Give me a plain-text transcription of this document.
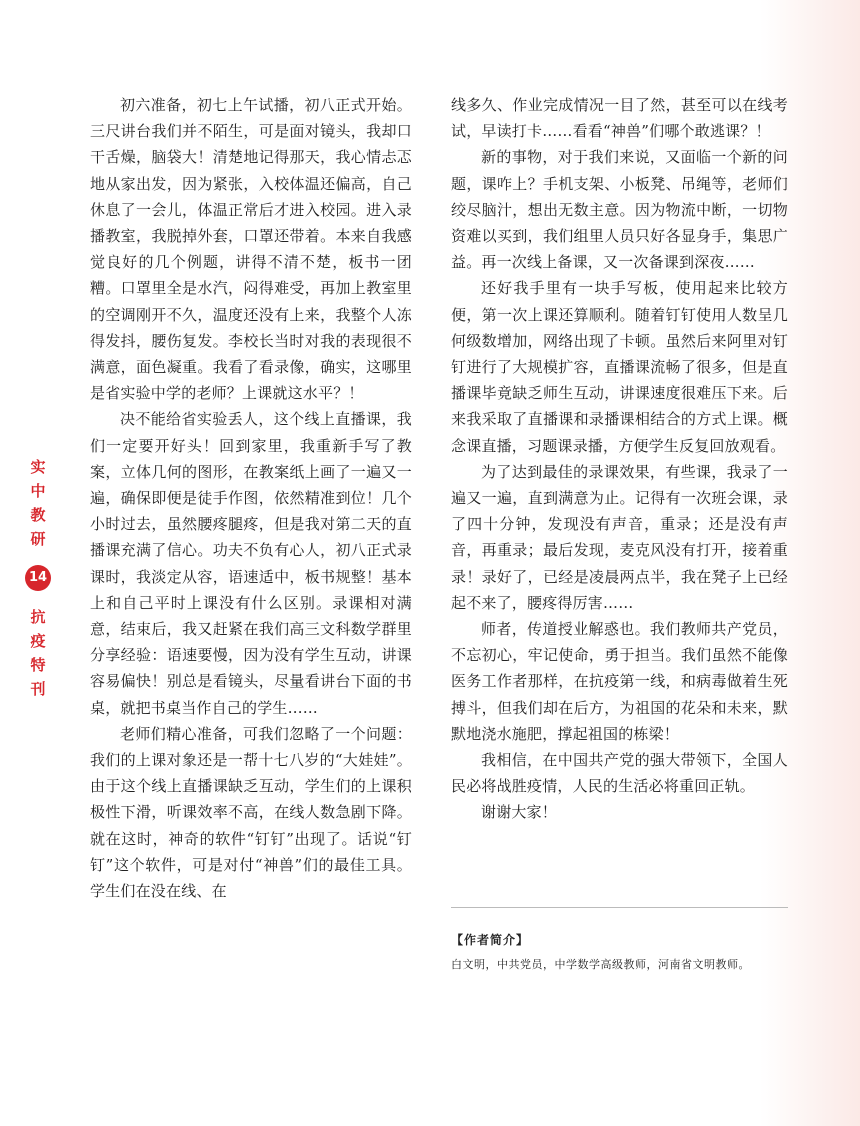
实
中
教
研
14
抗
疫
特
刊

初六准备，初七上午试播，初八正式开始。三尺讲台我们并不陌生，可是面对镜头，我却口干舌燥，脑袋大！清楚地记得那天，我心情忐忑地从家出发，因为紧张，入校体温还偏高，自己休息了一会儿，体温正常后才进入校园。进入录播教室，我脱掉外套，口罩还带着。本来自我感觉良好的几个例题，讲得不清不楚，板书一团糟。口罩里全是水汽，闷得难受，再加上教室里的空调刚开不久，温度还没有上来，我整个人冻得发抖，腰伤复发。李校长当时对我的表现很不满意，面色凝重。我看了看录像，确实，这哪里是省实验中学的老师？上课就这水平？！

决不能给省实验丢人，这个线上直播课，我们一定要开好头！回到家里，我重新手写了教案，立体几何的图形，在教案纸上画了一遍又一遍，确保即便是徒手作图，依然精准到位！几个小时过去，虽然腰疼腿疼，但是我对第二天的直播课充满了信心。功夫不负有心人，初八正式录课时，我淡定从容，语速适中，板书规整！基本上和自己平时上课没有什么区别。录课相对满意，结束后，我又赶紧在我们高三文科数学群里分享经验：语速要慢，因为没有学生互动，讲课容易偏快！别总是看镜头，尽量看讲台下面的书桌，就把书桌当作自己的学生……

老师们精心准备，可我们忽略了一个问题：我们的上课对象还是一帮十七八岁的“大娃娃”。由于这个线上直播课缺乏互动，学生们的上课积极性下滑，听课效率不高，在线人数急剧下降。就在这时，神奇的软件“钉钉”出现了。话说“钉钉”这个软件，可是对付“神兽”们的最佳工具。学生们在没在线、在

线多久、作业完成情况一目了然，甚至可以在线考试，早读打卡……看看“神兽”们哪个敢逃课？！

新的事物，对于我们来说，又面临一个新的问题，课咋上？手机支架、小板凳、吊绳等，老师们绞尽脑汁，想出无数主意。因为物流中断，一切物资难以买到，我们组里人员只好各显身手，集思广益。再一次线上备课，又一次备课到深夜……

还好我手里有一块手写板，使用起来比较方便，第一次上课还算顺利。随着钉钉使用人数呈几何级数增加，网络出现了卡顿。虽然后来阿里对钉钉进行了大规模扩容，直播课流畅了很多，但是直播课毕竟缺乏师生互动，讲课速度很难压下来。后来我采取了直播课和录播课相结合的方式上课。概念课直播，习题课录播，方便学生反复回放观看。

为了达到最佳的录课效果，有些课，我录了一遍又一遍，直到满意为止。记得有一次班会课，录了四十分钟，发现没有声音，重录；还是没有声音，再重录；最后发现，麦克风没有打开，接着重录！录好了，已经是凌晨两点半，我在凳子上已经起不来了，腰疼得厉害……

师者，传道授业解惑也。我们教师共产党员，不忘初心，牢记使命，勇于担当。我们虽然不能像医务工作者那样，在抗疫第一线，和病毒做着生死搏斗，但我们却在后方，为祖国的花朵和未来，默默地浇水施肥，撑起祖国的栋梁！

我相信，在中国共产党的强大带领下，全国人民必将战胜疫情，人民的生活必将重回正轨。

谢谢大家！

【作者简介】
白文明，中共党员，中学数学高级教师，河南省文明教师。
